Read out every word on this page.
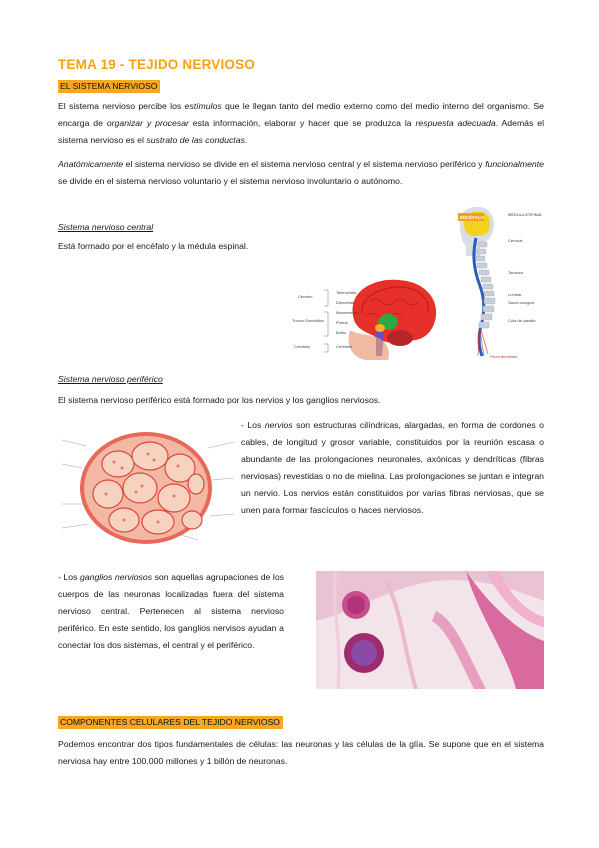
TEMA 19 - TEJIDO NERVIOSO
EL SISTEMA NERVIOSO
El sistema nervioso percibe los estímulos que le llegan tanto del medio externo como del medio interno del organismo. Se encarga de organizar y procesar esta información, elaborar y hacer que se produzca la respuesta adecuada. Además el sistema nervioso es el sustrato de las conductas.
Anatómicamente el sistema nervioso se divide en el sistema nervioso central y el sistema nervioso periférico y funcionalmente se divide en el sistema nervioso voluntario y el sistema nervioso involuntario o autónomo.
Sistema nervioso central
Está formado por el encéfalo y la médula espinal.
Telencéfalo
Diencéfalo
Mesencéfalo
Protub.
Bulbo
Cerebelo
Cerebro
Tronco Encefálico
Cerebelo
ENCÉFALO
MÉDULA ESPINAL
Cervical
Torácica
Lumbar
Sacro-coxígea
Cola de caballo
Filum terminale
Sistema nervioso periférico
El sistema nervioso periférico está formado por los nervios y los ganglios nerviosos.
- Los nervios son estructuras cilíndricas, alargadas, en forma de cordones o cables, de longitud y grosor variable, constituidos por la reunión escasa o abundante de las prolongaciones neuronales, axónicas y dendríticas (fibras nerviosas) revestidas o no de mielina. Las prolongaciones se juntan e integran un nervio. Los nervios están constituidos por varias fibras nerviosas, que se unen para formar fascículos o haces nerviosos.
- Los ganglios nerviosos son aquellas agrupaciones de los cuerpos de las neuronas localizadas fuera del sistema nervioso central. Pertenecen al sistema nervioso periférico. En este sentido, los ganglios nervisos ayudan a conectar los dos sistemas, el central y el periférico.
COMPONENTES CELULARES DEL TEJIDO NERVIOSO
Podemos encontrar dos tipos fundamentales de células: las neuronas y las células de la glía. Se supone que en el sistema nerviosa hay entre 100.000 millones y 1 billón de neuronas.
